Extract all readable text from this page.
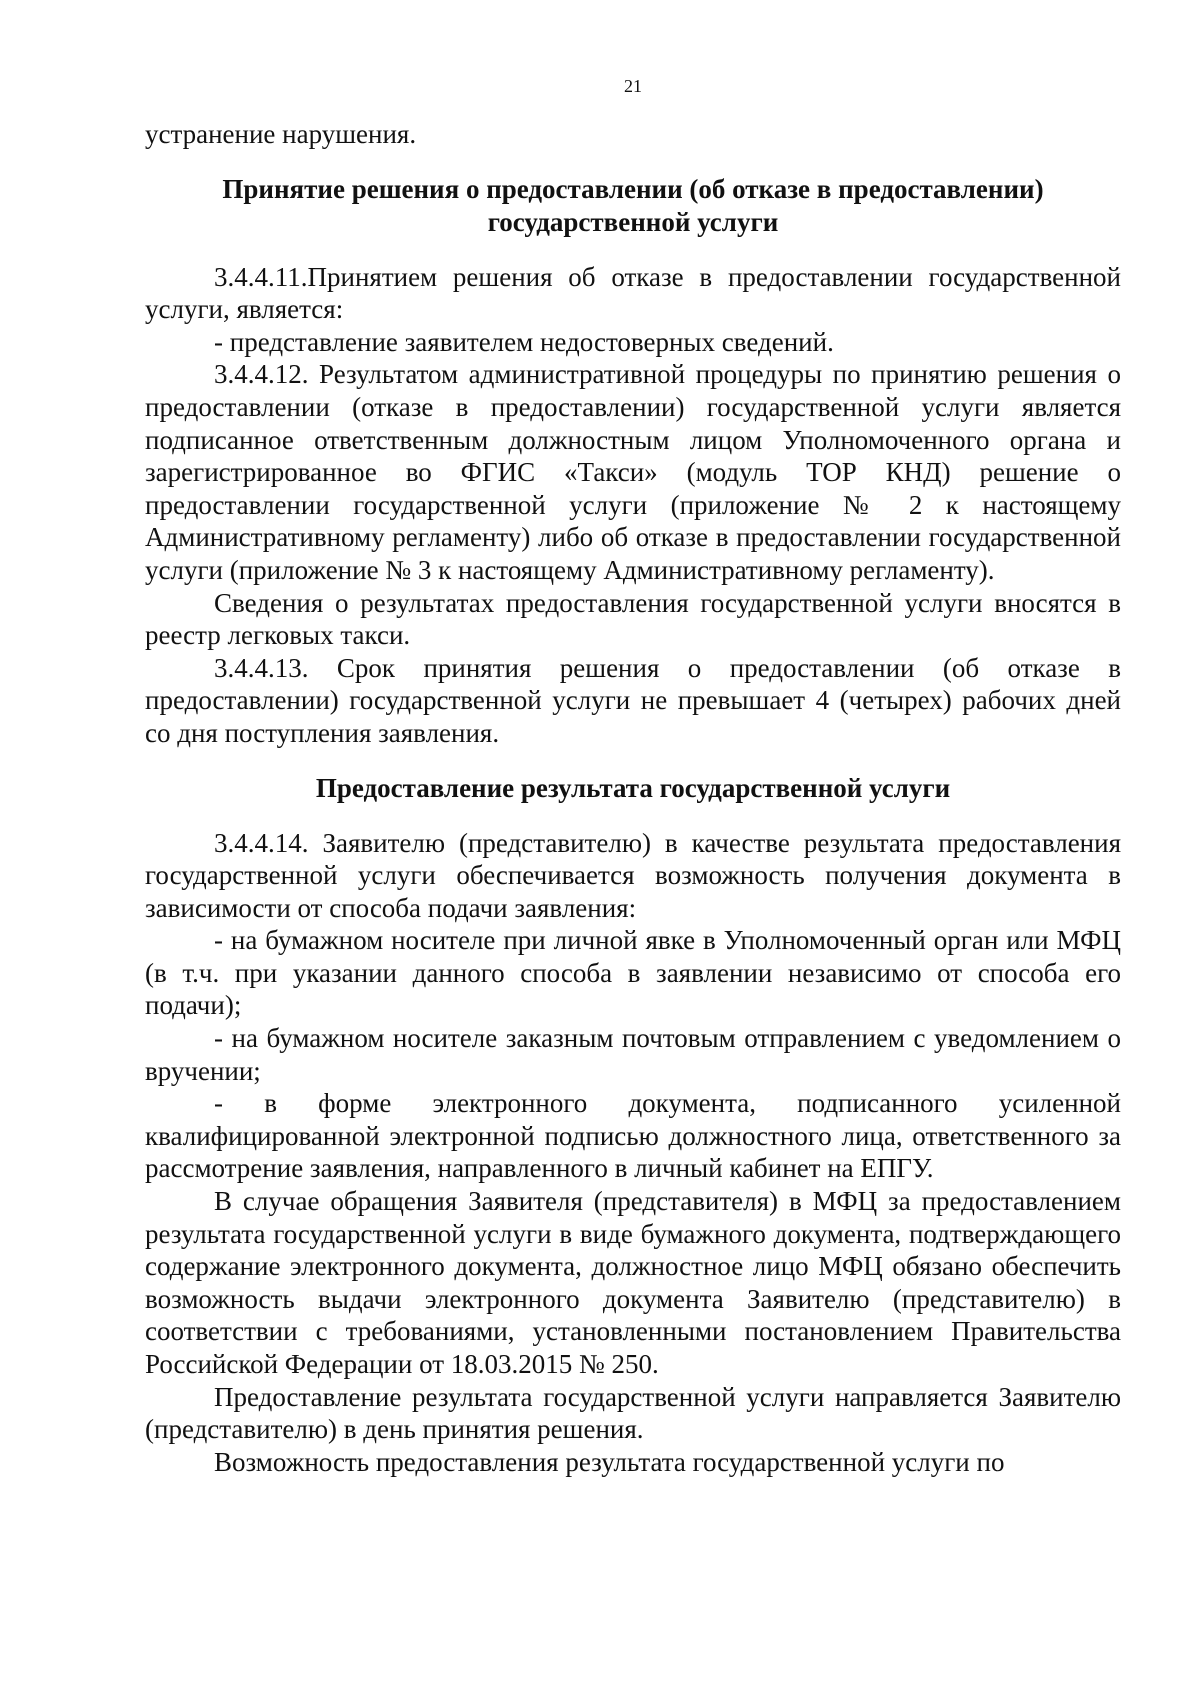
21

устранение нарушения.

Принятие решения о предоставлении (об отказе в предоставлении)
государственной услуги

3.4.4.11.Принятием решения об отказе в предоставлении государственной услуги, является:

- представление заявителем недостоверных сведений.

3.4.4.12. Результатом административной процедуры по принятию решения о предоставлении (отказе в предоставлении) государственной услуги является подписанное ответственным должностным лицом Уполномоченного органа и зарегистрированное во ФГИС «Такси» (модуль ТОР КНД) решение о предоставлении государственной услуги (приложение № 2 к настоящему Административному регламенту) либо об отказе в предоставлении государственной услуги (приложение № 3 к настоящему Административному регламенту).

Сведения о результатах предоставления государственной услуги вносятся в реестр легковых такси.

3.4.4.13. Срок принятия решения о предоставлении (об отказе в предоставлении) государственной услуги не превышает 4 (четырех) рабочих дней со дня поступления заявления.

Предоставление результата государственной услуги

3.4.4.14. Заявителю (представителю) в качестве результата предоставления государственной услуги обеспечивается возможность получения документа в зависимости от способа подачи заявления:

- на бумажном носителе при личной явке в Уполномоченный орган или МФЦ (в т.ч. при указании данного способа в заявлении независимо от способа его подачи);

- на бумажном носителе заказным почтовым отправлением с уведомлением о вручении;

- в форме электронного документа, подписанного усиленной квалифицированной электронной подписью должностного лица, ответственного за рассмотрение заявления, направленного в личный кабинет на ЕПГУ.

В случае обращения Заявителя (представителя) в МФЦ за предоставлением результата государственной услуги в виде бумажного документа, подтверждающего содержание электронного документа, должностное лицо МФЦ обязано обеспечить возможность выдачи электронного документа Заявителю (представителю) в соответствии с требованиями, установленными постановлением Правительства Российской Федерации от 18.03.2015 № 250.

Предоставление результата государственной услуги направляется Заявителю (представителю) в день принятия решения.

Возможность предоставления результата государственной услуги по
